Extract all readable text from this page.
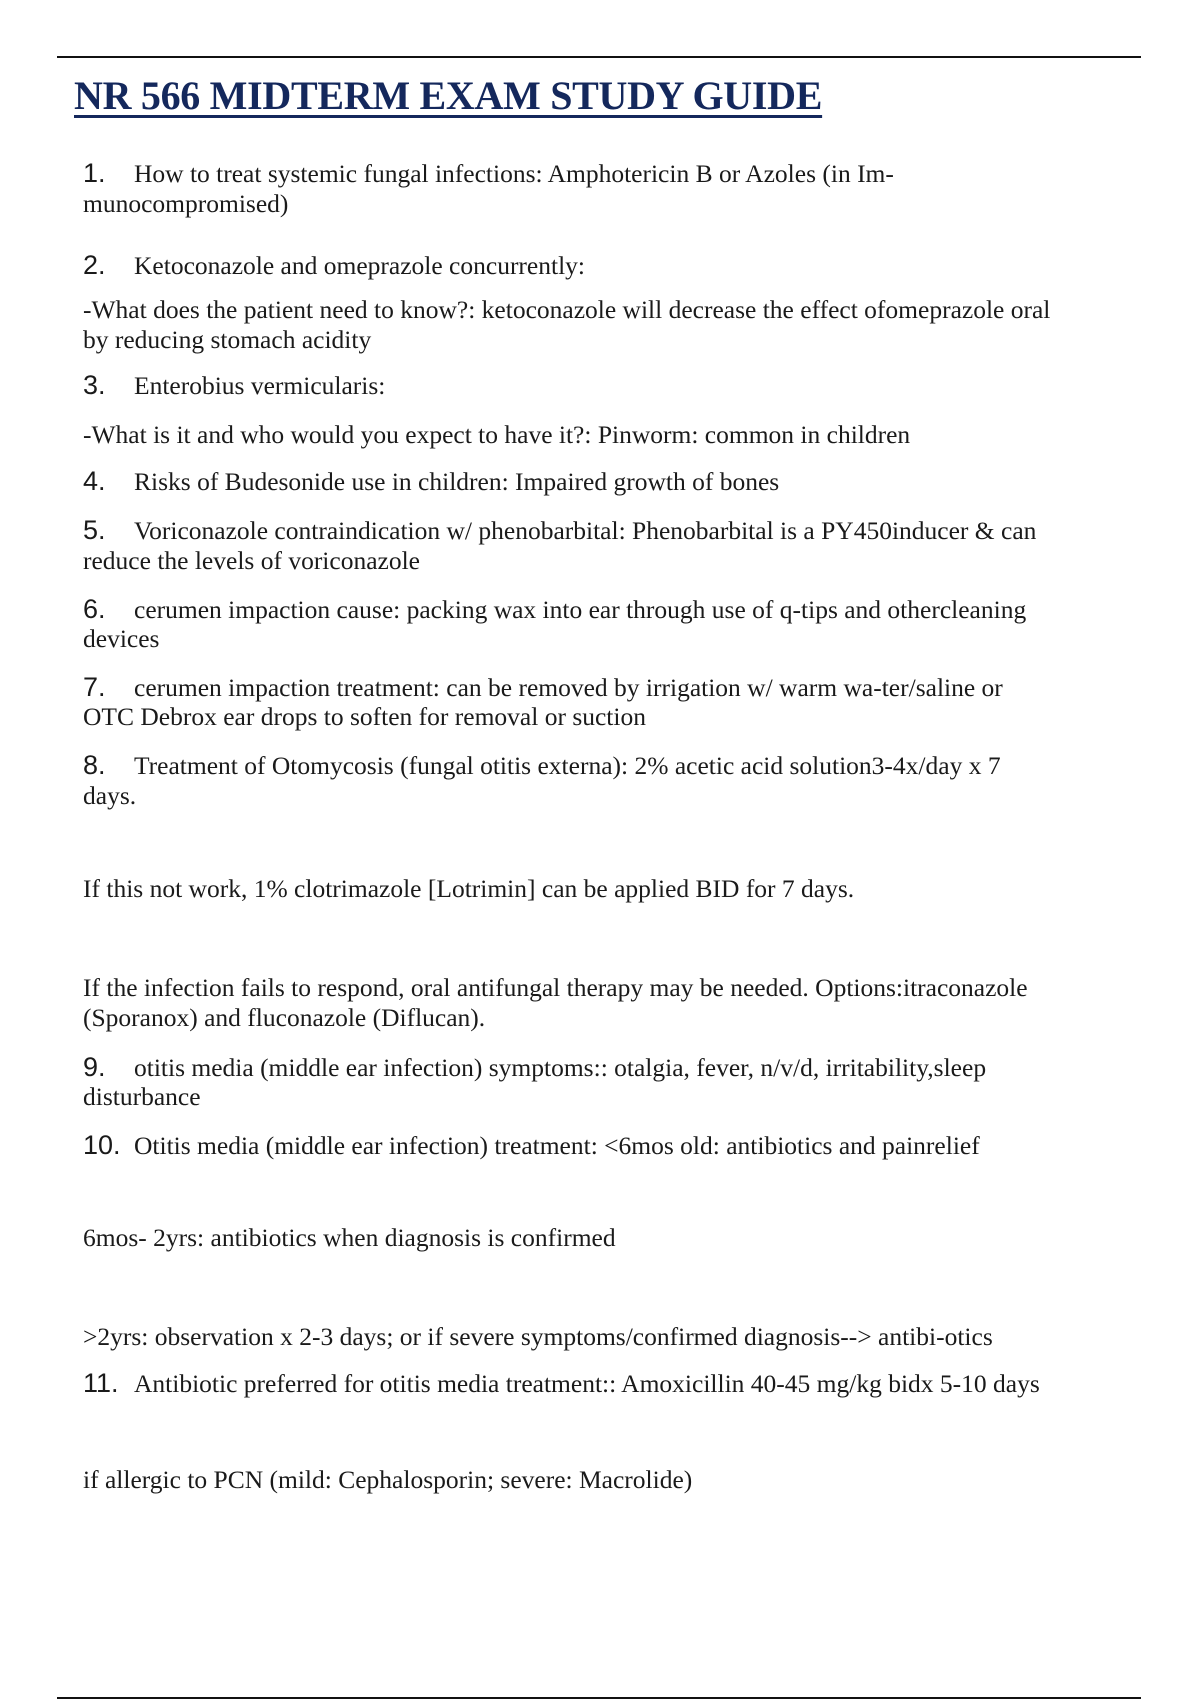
NR 566 MIDTERM EXAM STUDY GUIDE
1. How to treat systemic fungal infections: Amphotericin B or Azoles (in Im-
munocompromised)
2. Ketoconazole and omeprazole concurrently:
-What does the patient need to know?: ketoconazole will decrease the effect ofomeprazole oral
by reducing stomach acidity
3. Enterobius vermicularis:
-What is it and who would you expect to have it?: Pinworm: common in children
4. Risks of Budesonide use in children: Impaired growth of bones
5. Voriconazole contraindication w/ phenobarbital: Phenobarbital is a PY450inducer & can
reduce the levels of voriconazole
6. cerumen impaction cause: packing wax into ear through use of q-tips and othercleaning
devices
7. cerumen impaction treatment: can be removed by irrigation w/ warm wa-ter/saline or
OTC Debrox ear drops to soften for removal or suction
8. Treatment of Otomycosis (fungal otitis externa): 2% acetic acid solution3-4x/day x 7
days.
If this not work, 1% clotrimazole [Lotrimin] can be applied BID for 7 days.
If the infection fails to respond, oral antifungal therapy may be needed. Options:itraconazole
(Sporanox) and fluconazole (Diflucan).
9. otitis media (middle ear infection) symptoms:: otalgia, fever, n/v/d, irritability,sleep
disturbance
10. Otitis media (middle ear infection) treatment: <6mos old: antibiotics and painrelief
6mos- 2yrs: antibiotics when diagnosis is confirmed
>2yrs: observation x 2-3 days; or if severe symptoms/confirmed diagnosis--> antibi-otics
11. Antibiotic preferred for otitis media treatment:: Amoxicillin 40-45 mg/kg bidx 5-10 days
if allergic to PCN (mild: Cephalosporin; severe: Macrolide)
